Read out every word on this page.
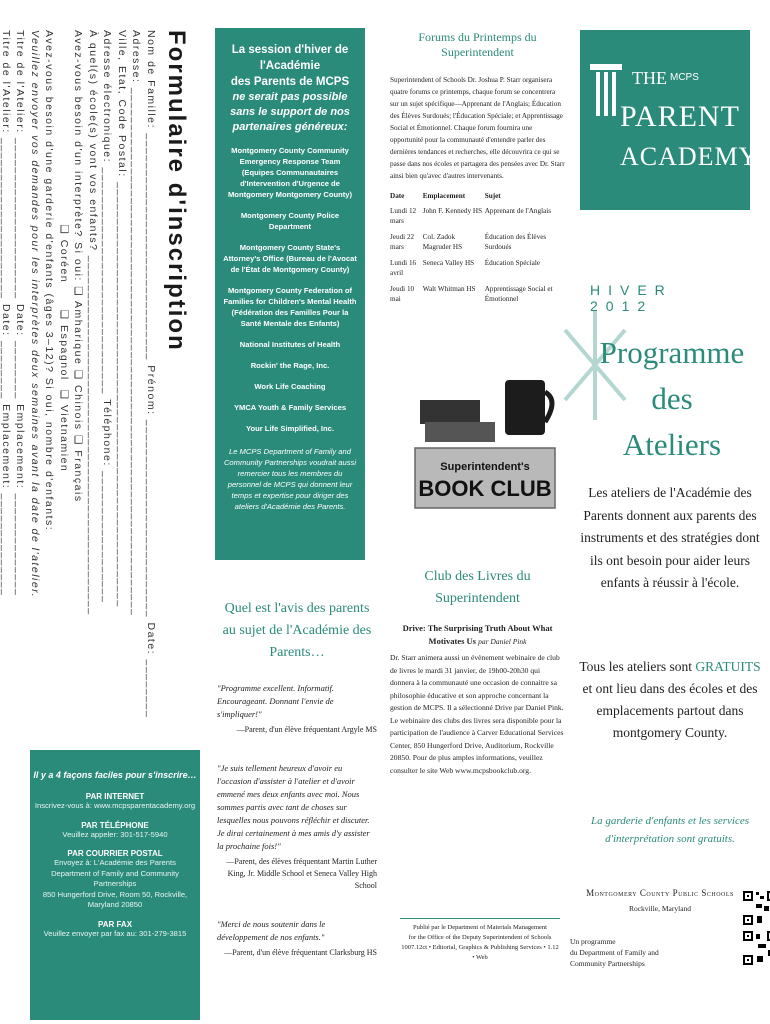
Formulaire d'inscription
Nom de Famille: _______________________________ Prénom: ___________________________ Date: ________
Adresse: ________________________________________________________________________
Ville, Etat, Code Postal: __________________________________________________________
Adresse électronique: _______________________________ Téléphone: __________________
À quel(s) école(s) vont vos enfants? _________________________________________________
Avez-vous besoin d'un interprète? Si oui: ❑ Amharique ❑ Chinois ❑ Français
❑ Coréen      ❑ Espagnol  ❑ Vietnamien
Avez-vous besoin d'une garderie d'enfants (âges 3–12)? Si oui, nombre d'enfants:
Veuillez envoyer vos demandes pour les interprètes deux semaines avant la date de l'atelier.
Titre de l'Atelier: ______________________ Date: ________ Emplacement: ______________
Titre de l'Atelier: ______________________ Date: ________ Emplacement: ______________
Il y a 4 façons faciles pour s'inscrire…
PAR INTERNET
Inscrivez-vous à: www.mcpsparentacademy.org
PAR TÉLÉPHONE
Veuillez appeler: 301-517-5940
PAR COURRIER POSTAL
Envoyez à: L'Académie des Parents
Department of Family and Community Partnerships
850 Hungerford Drive, Room 50, Rockville, Maryland 20850
PAR FAX
Veuillez envoyer par fax au: 301-279-3815
La session d'hiver de l'Académie
des Parents de MCPS
ne serait pas possible sans le support de nos partenaires généreux:
Montgomery County Community Emergency Response Team (Equipes Communautaires d'Intervention d'Urgence de Montgomery Montgomery County)
Montgomery County Police Department
Montgomery County State's Attorney's Office (Bureau de l'Avocat de l'État de Montgomery County)
Montgomery County Federation of Families for Children's Mental Health (Fédération des Familles Pour la Santé Mentale des Enfants)
National Institutes of Health
Rockin' the Rage, Inc.
Work Life Coaching
YMCA Youth & Family Services
Your Life Simplified, Inc.
Le MCPS Department of Family and Community Partnerships voudrait aussi remercier tous les membres du personnel de MCPS qui donnent leur temps et expertise pour diriger des ateliers d'Académie des Parents.
Quel est l'avis des parents au sujet de l'Académie des Parents…
"Programme excellent. Informatif. Encourageant. Donnant l'envie de s'impliquer!"
—Parent, d'un élève fréquentant Argyle MS
"Je suis tellement heureux d'avoir eu l'occasion d'assister à l'atelier et d'avoir emmené mes deux enfants avec moi. Nous sommes partis avec tant de choses sur lesquelles nous pouvons réfléchir et discuter. Je dirai certainement à mes amis d'y assister la prochaine fois!"
—Parent, des élèves fréquentant Martin Luther King, Jr. Middle School et Seneca Valley High School
"Merci de nous soutenir dans le développement de nos enfants."
—Parent, d'un élève fréquentant Clarksburg HS
Forums du Printemps du Superintendent
Superintendent of Schools Dr. Joshua P. Starr organisera quatre forums ce printemps, chaque forum se concentrera sur un sujet spécifique—Apprenant de l'Anglais; Éducation des Élèves Surdoués; l'Éducation Spéciale; et Apprentissage Social et Émotionnel. Chaque forum fournira une opportunité pour la communauté d'entendre parler des dernières tendances et recherches, elle découvrira ce qui se passe dans nos écoles et partagera des pensées avec Dr. Starr ainsi bien qu'avec d'autres intervenants.
Date	Emplacement	Sujet
Lundi 12 mars	John F. Kennedy HS	Apprenant de l'Anglais
Jeudi 22 mars	Col. Zadok Magruder HS	Éducation des Élèves Surdoués
Lundi 16 avril	Seneca Valley HS	Éducation Spéciale
Jeudi 10 mai	Walt Whitman HS	Apprentissage Social et Émotionnel
Superintendent's
BOOK CLUB
Club des Livres du Superintendent
Drive: The Surprising Truth About What Motivates Us par Daniel Pink
Dr. Starr animera aussi un évènement webinaire de club de livres le mardi 31 janvier, de 19h00-20h30 qui donnera à la communauté une occasion de connaitre sa philosophie éducative et son approche concernant la gestion de MCPS. Il a sélectionné Drive par Daniel Pink. Le webinaire des clubs des livres sera disponible pour la participation de l'audience à Carver Educational Services Center, 850 Hungerford Drive, Auditorium, Rockville 20850. Pour de plus amples informations, veuillez consulter le site Web www.mcpsbookclub.org.
Publié par le Department of Materials Management
for the Office of the Deputy Superintendent of Schools
1007.12ct • Editorial, Graphics & Publishing Services • 1.12 • Web
THE MCPS
PARENT
ACADEMY
HIVER 2012
Programme des
Ateliers
Les ateliers de l'Académie des Parents donnent aux parents des instruments et des stratégies dont ils ont besoin pour aider leurs enfants à réussir à l'école.
Tous les ateliers sont GRATUITS et ont lieu dans des écoles et des emplacements partout dans montgomery County.
La garderie d'enfants et les services d'interprétation sont gratuits.
Montgomery County Public Schools
Rockville, Maryland
Un programme
du Department of Family and Community Partnerships
